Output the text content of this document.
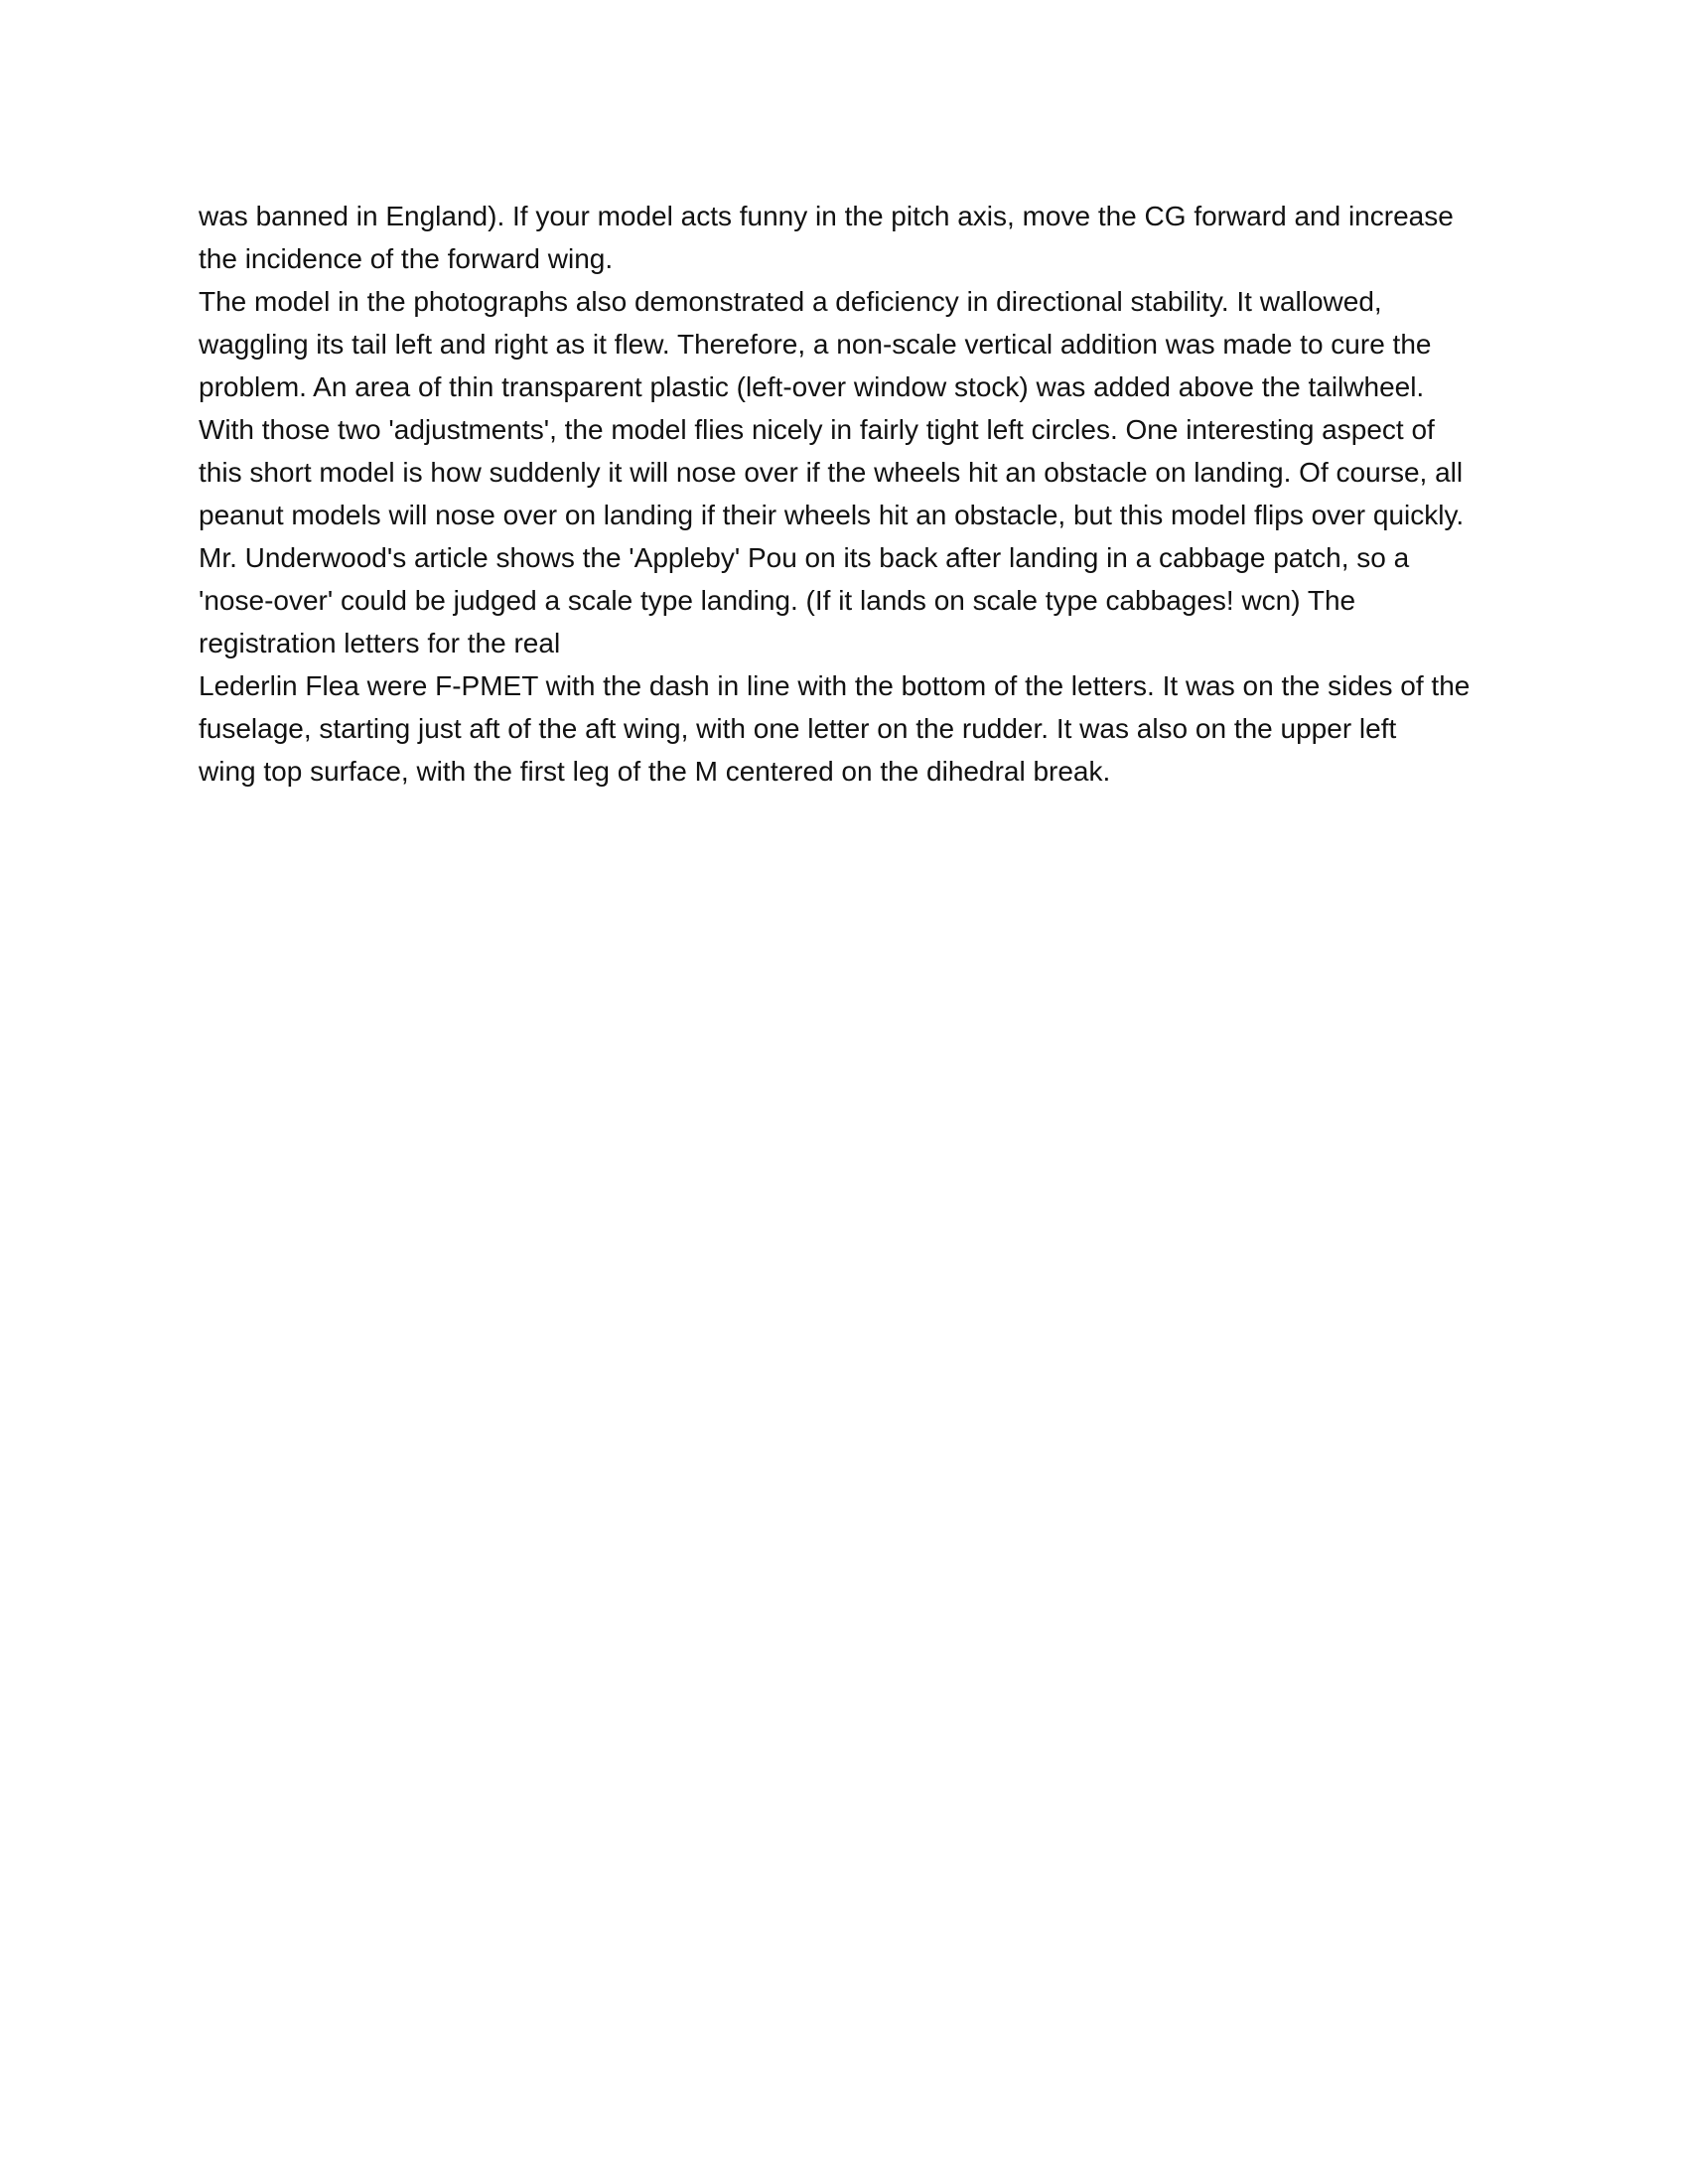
was banned in England). If your model acts funny in the pitch axis, move the CG forward and increase
the incidence of the forward wing.
The model in the photographs also demonstrated a deficiency in directional stability. It wallowed,
waggling its tail left and right as it flew. Therefore, a non-scale vertical addition was made to cure the
problem. An area of thin transparent plastic (left-over window stock) was added above the tailwheel.
With those two 'adjustments', the model flies nicely in fairly tight left circles. One interesting aspect of
this short model is how suddenly it will nose over if the wheels hit an obstacle on landing. Of course, all
peanut models will nose over on landing if their wheels hit an obstacle, but this model flips over quickly.
Mr. Underwood's article shows the 'Appleby' Pou on its back after landing in a cabbage patch, so a
'nose-over' could be judged a scale type landing. (If it lands on scale type cabbages! wcn) The
registration letters for the real
Lederlin Flea were F-PMET with the dash in line with the bottom of the letters. It was on the sides of the
fuselage, starting just aft of the aft wing, with one letter on the rudder. It was also on the upper left
wing top surface, with the first leg of the M centered on the dihedral break.
